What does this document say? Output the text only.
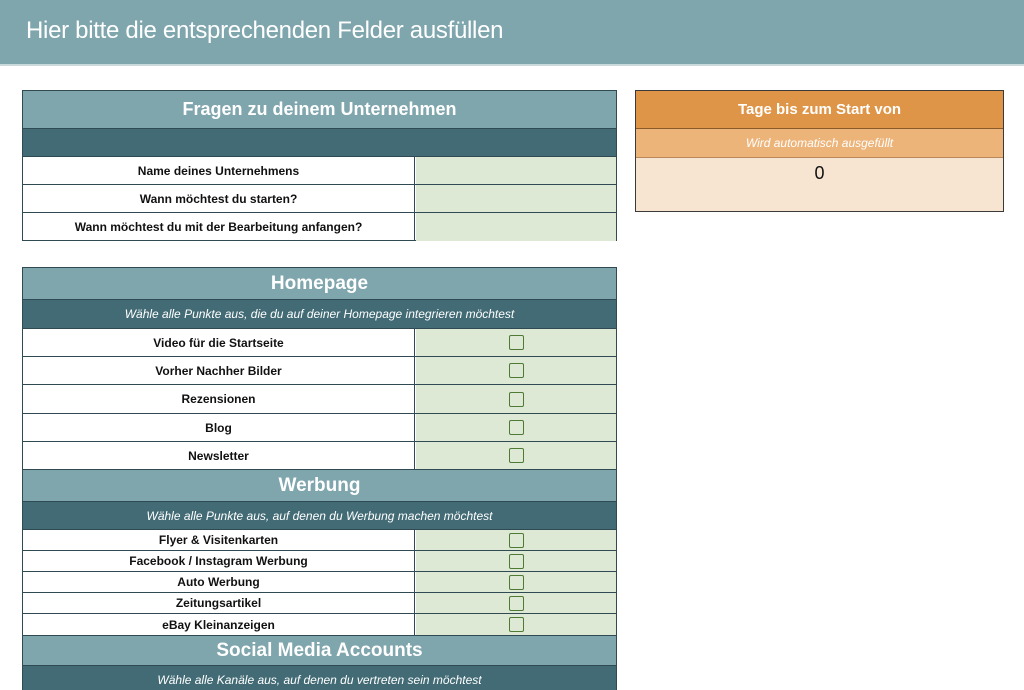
Hier bitte die entsprechenden Felder ausfüllen
Fragen zu deinem Unternehmen
Name deines Unternehmens
Wann möchtest du starten?
Wann möchtest du mit der Bearbeitung anfangen?
Tage bis zum Start von
Wird automatisch ausgefüllt
0
Homepage
Wähle alle Punkte aus, die du auf deiner Homepage integrieren möchtest
Video für die Startseite
Vorher Nachher Bilder
Rezensionen
Blog
Newsletter
Werbung
Wähle alle Punkte aus, auf denen du Werbung machen möchtest
Flyer & Visitenkarten
Facebook / Instagram Werbung
Auto Werbung
Zeitungsartikel
eBay Kleinanzeigen
Social Media Accounts
Wähle alle Kanäle aus, auf denen du vertreten sein möchtest
